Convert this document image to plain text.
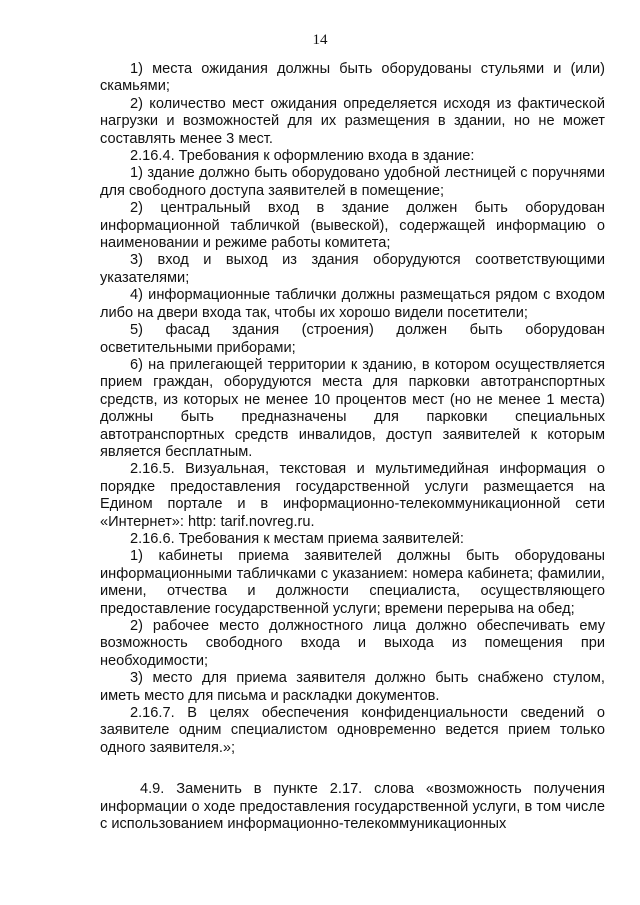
14

1) места ожидания должны быть оборудованы стульями и (или) скамьями;

2) количество мест ожидания определяется исходя из фактической нагрузки и возможностей для их размещения в здании, но не может составлять менее 3 мест.

2.16.4. Требования к оформлению входа в здание:

1) здание должно быть оборудовано удобной лестницей с поручнями для свободного доступа заявителей в помещение;

2) центральный вход в здание должен быть оборудован информационной табличкой (вывеской), содержащей информацию о наименовании и режиме работы комитета;

3) вход и выход из здания оборудуются соответствующими указателями;

4) информационные таблички должны размещаться рядом с входом либо на двери входа так, чтобы их хорошо видели посетители;

5) фасад здания (строения) должен быть оборудован осветительными приборами;

6) на прилегающей территории к зданию, в котором осуществляется прием граждан, оборудуются места для парковки автотранспортных средств, из которых не менее 10 процентов мест (но не менее 1 места) должны быть предназначены для парковки специальных автотранспортных средств инвалидов, доступ заявителей к которым является бесплатным.

2.16.5. Визуальная, текстовая и мультимедийная информация о порядке предоставления государственной услуги размещается на Едином портале и в информационно-телекоммуникационной сети «Интернет»: http: tarif.novreg.ru.

2.16.6. Требования к местам приема заявителей:

1) кабинеты приема заявителей должны быть оборудованы информационными табличками с указанием: номера кабинета; фамилии, имени, отчества и должности специалиста, осуществляющего предоставление государственной услуги; времени перерыва на обед;

2) рабочее место должностного лица должно обеспечивать ему возможность свободного входа и выхода из помещения при необходимости;

3) место для приема заявителя должно быть снабжено стулом, иметь место для письма и раскладки документов.

2.16.7. В целях обеспечения конфиденциальности сведений о заявителе одним специалистом одновременно ведется прием только одного заявителя.»;

4.9. Заменить в пункте 2.17. слова «возможность получения информации о ходе предоставления государственной услуги, в том числе с использованием информационно-телекоммуникационных
